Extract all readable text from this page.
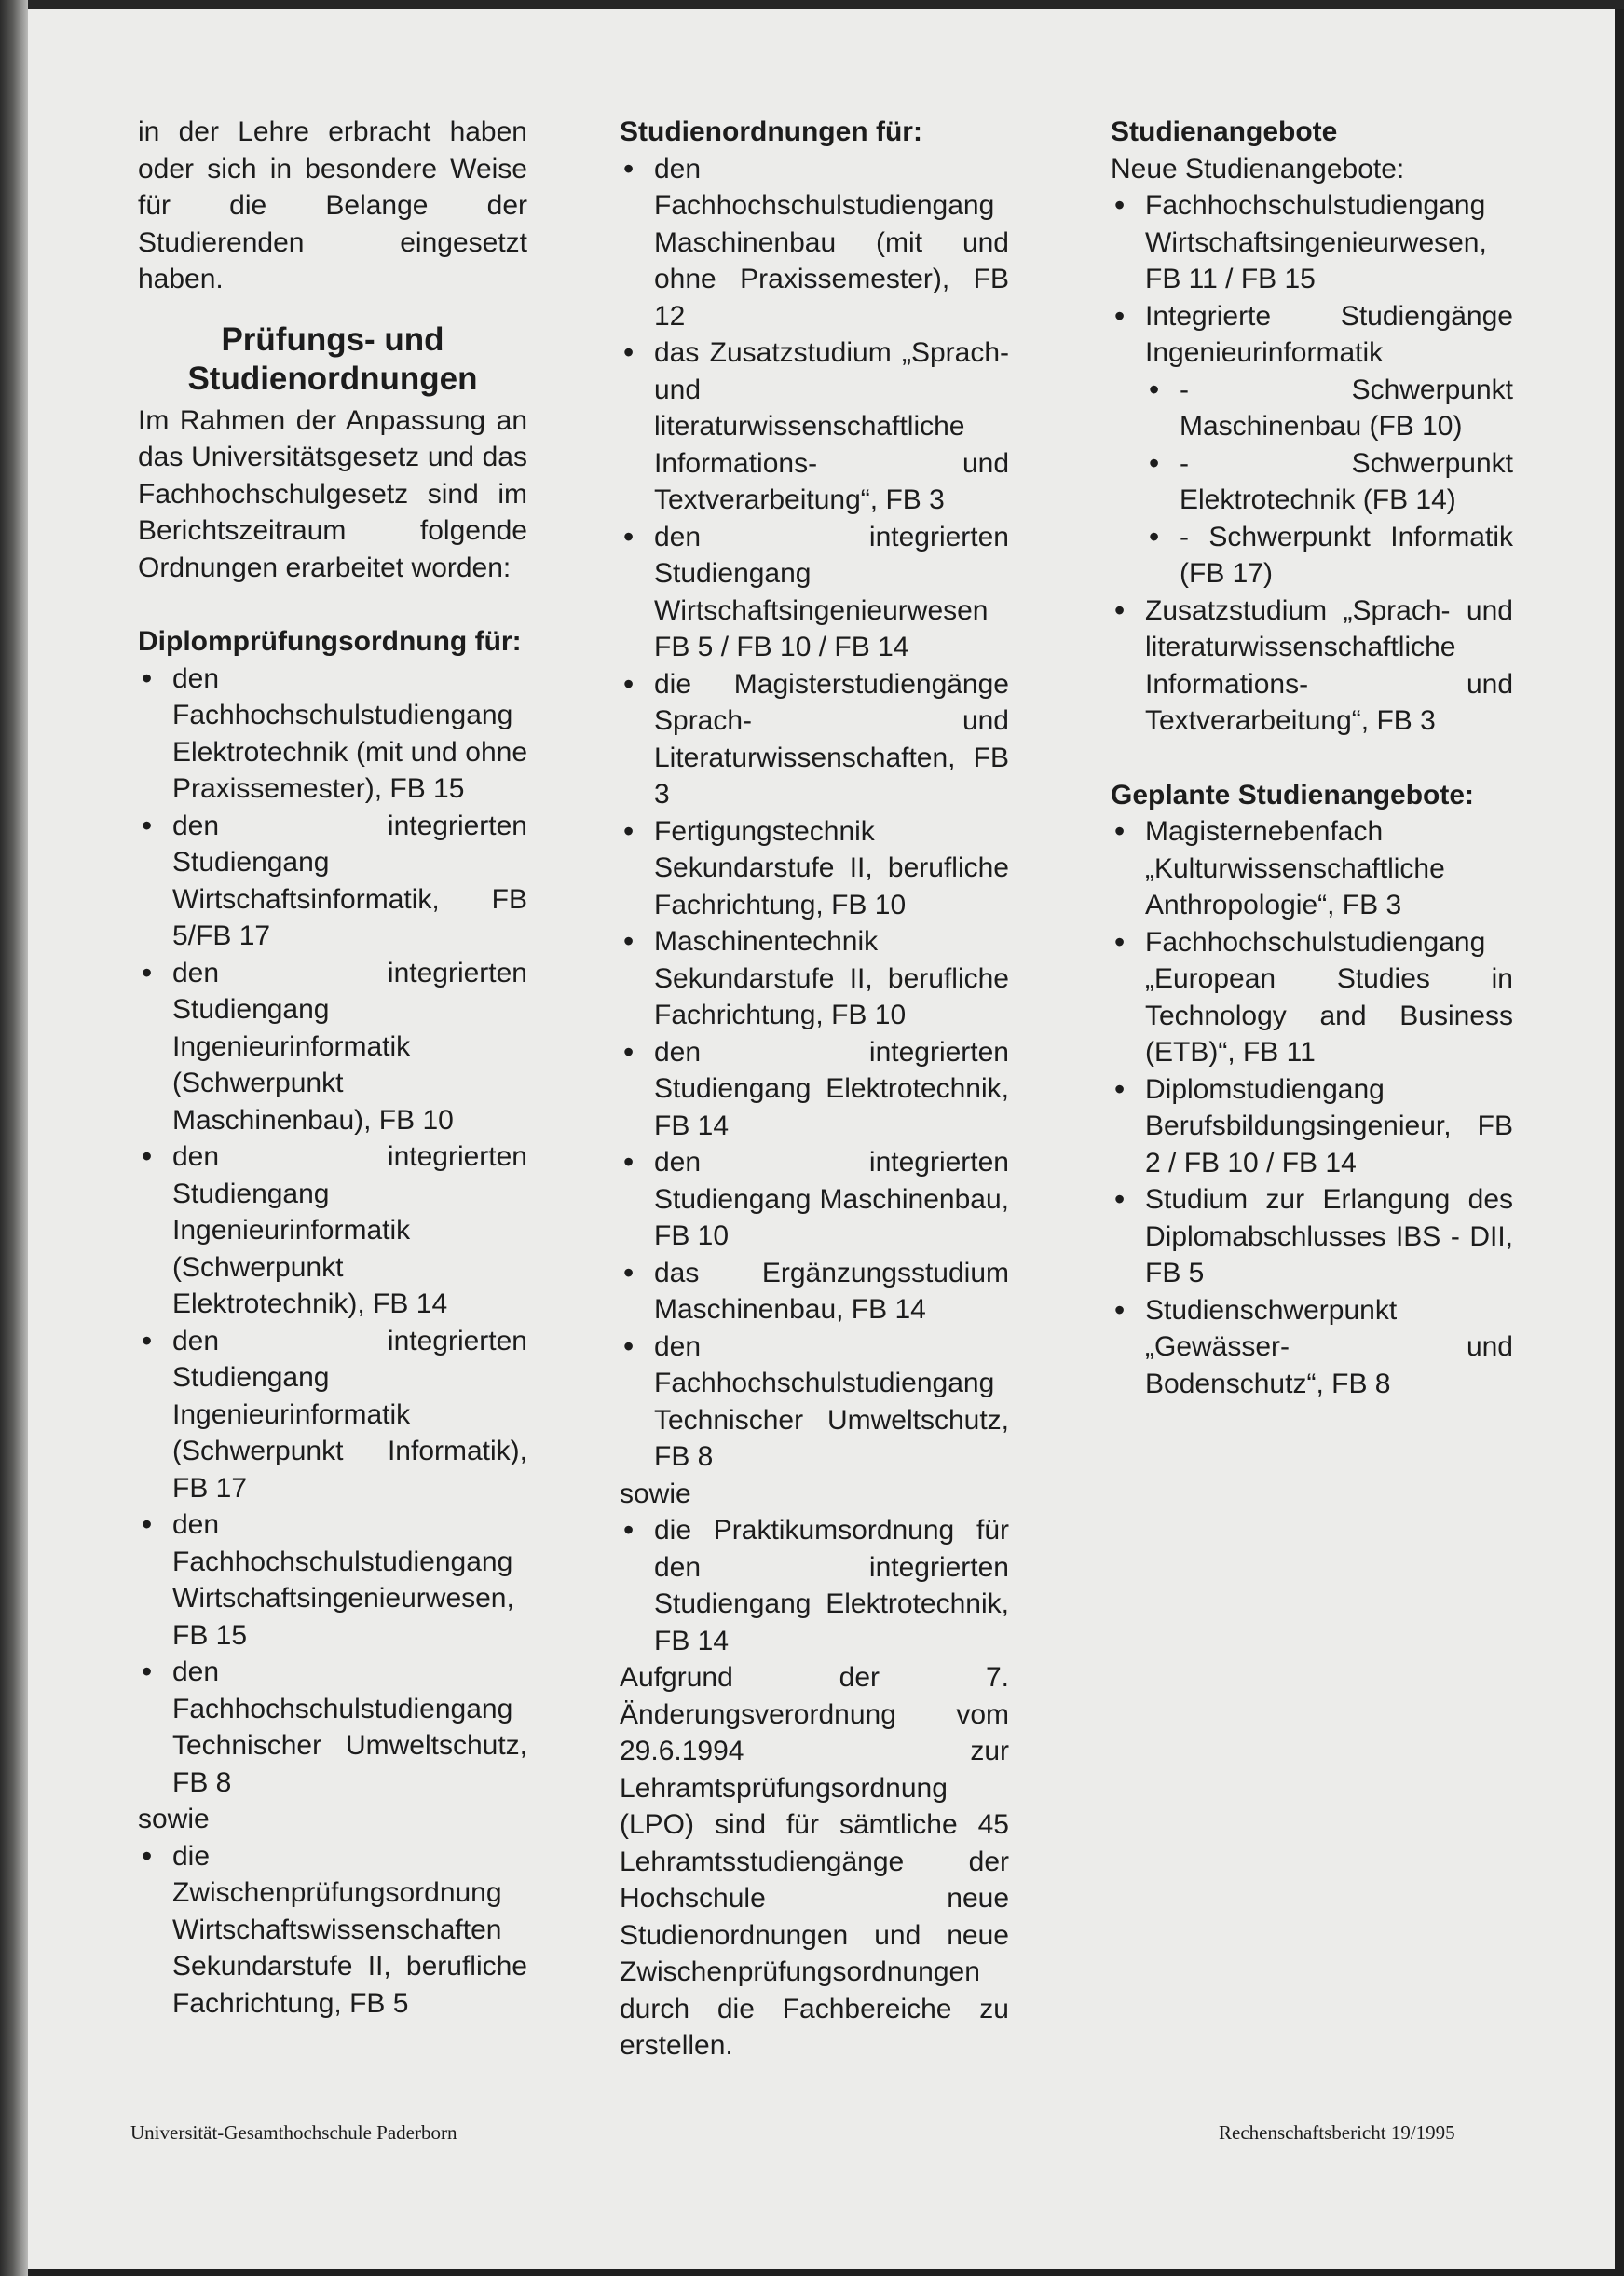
in der Lehre erbracht haben oder sich in besondere Weise für die Belange der Studierenden eingesetzt haben.

Prüfungs- und Studienordnungen

Im Rahmen der Anpassung an das Universitätsgesetz und das Fachhochschulgesetz sind im Berichtszeitraum folgende Ordnungen erarbeitet worden:

Diplomprüfungsordnung für:

• den Fachhochschulstudiengang Elektrotechnik (mit und ohne Praxissemester), FB 15
• den integrierten Studiengang Wirtschaftsinformatik, FB 5/FB 17
• den integrierten Studiengang Ingenieurinformatik (Schwerpunkt Maschinenbau), FB 10
• den integrierten Studiengang Ingenieurinformatik (Schwerpunkt Elektrotechnik), FB 14
• den integrierten Studiengang Ingenieurinformatik (Schwerpunkt Informatik), FB 17
• den Fachhochschulstudiengang Wirtschaftsingenieurwesen, FB 15
• den Fachhochschulstudiengang Technischer Umweltschutz, FB 8

sowie

• die Zwischenprüfungsordnung Wirtschaftswissenschaften Sekundarstufe II, berufliche Fachrichtung, FB 5

Studienordnungen für:

• den Fachhochschulstudiengang Maschinenbau (mit und ohne Praxissemester), FB 12
• das Zusatzstudium „Sprach- und literaturwissenschaftliche Informations- und Textverarbeitung“, FB 3
• den integrierten Studiengang Wirtschaftsingenieurwesen FB 5 / FB 10 / FB 14
• die Magisterstudiengänge Sprach- und Literaturwissenschaften, FB 3
• Fertigungstechnik Sekundarstufe II, berufliche Fachrichtung, FB 10
• Maschinentechnik Sekundarstufe II, berufliche Fachrichtung, FB 10
• den integrierten Studiengang Elektrotechnik, FB 14
• den integrierten Studiengang Maschinenbau, FB 10
• das Ergänzungsstudium Maschinenbau, FB 14
• den Fachhochschulstudiengang Technischer Umweltschutz, FB 8

sowie

• die Praktikumsordnung für den integrierten Studiengang Elektrotechnik, FB 14

Aufgrund der 7. Änderungsverordnung vom 29.6.1994 zur Lehramtsprüfungsordnung (LPO) sind für sämtliche 45 Lehramtsstudiengänge der Hochschule neue Studienordnungen und neue Zwischenprüfungsordnungen durch die Fachbereiche zu erstellen.

Studienangebote

Neue Studienangebote:

• Fachhochschulstudiengang Wirtschaftsingenieurwesen, FB 11 / FB 15
• Integrierte Studiengänge Ingenieurinformatik
• - Schwerpunkt Maschinenbau (FB 10)
• - Schwerpunkt Elektrotechnik (FB 14)
• - Schwerpunkt Informatik (FB 17)
• Zusatzstudium „Sprach- und literaturwissenschaftliche Informations- und Textverarbeitung“, FB 3

Geplante Studienangebote:

• Magisternebenfach „Kulturwissenschaftliche Anthropologie“, FB 3
• Fachhochschulstudiengang „European Studies in Technology and Business (ETB)“, FB 11
• Diplomstudiengang Berufsbildungsingenieur, FB 2 / FB 10 / FB 14
• Studium zur Erlangung des Diplomabschlusses IBS - DII, FB 5
• Studienschwerpunkt „Gewässer- und Bodenschutz“, FB 8
Universität-Gesamthochschule Paderborn	Rechenschaftsbericht 19/1995
